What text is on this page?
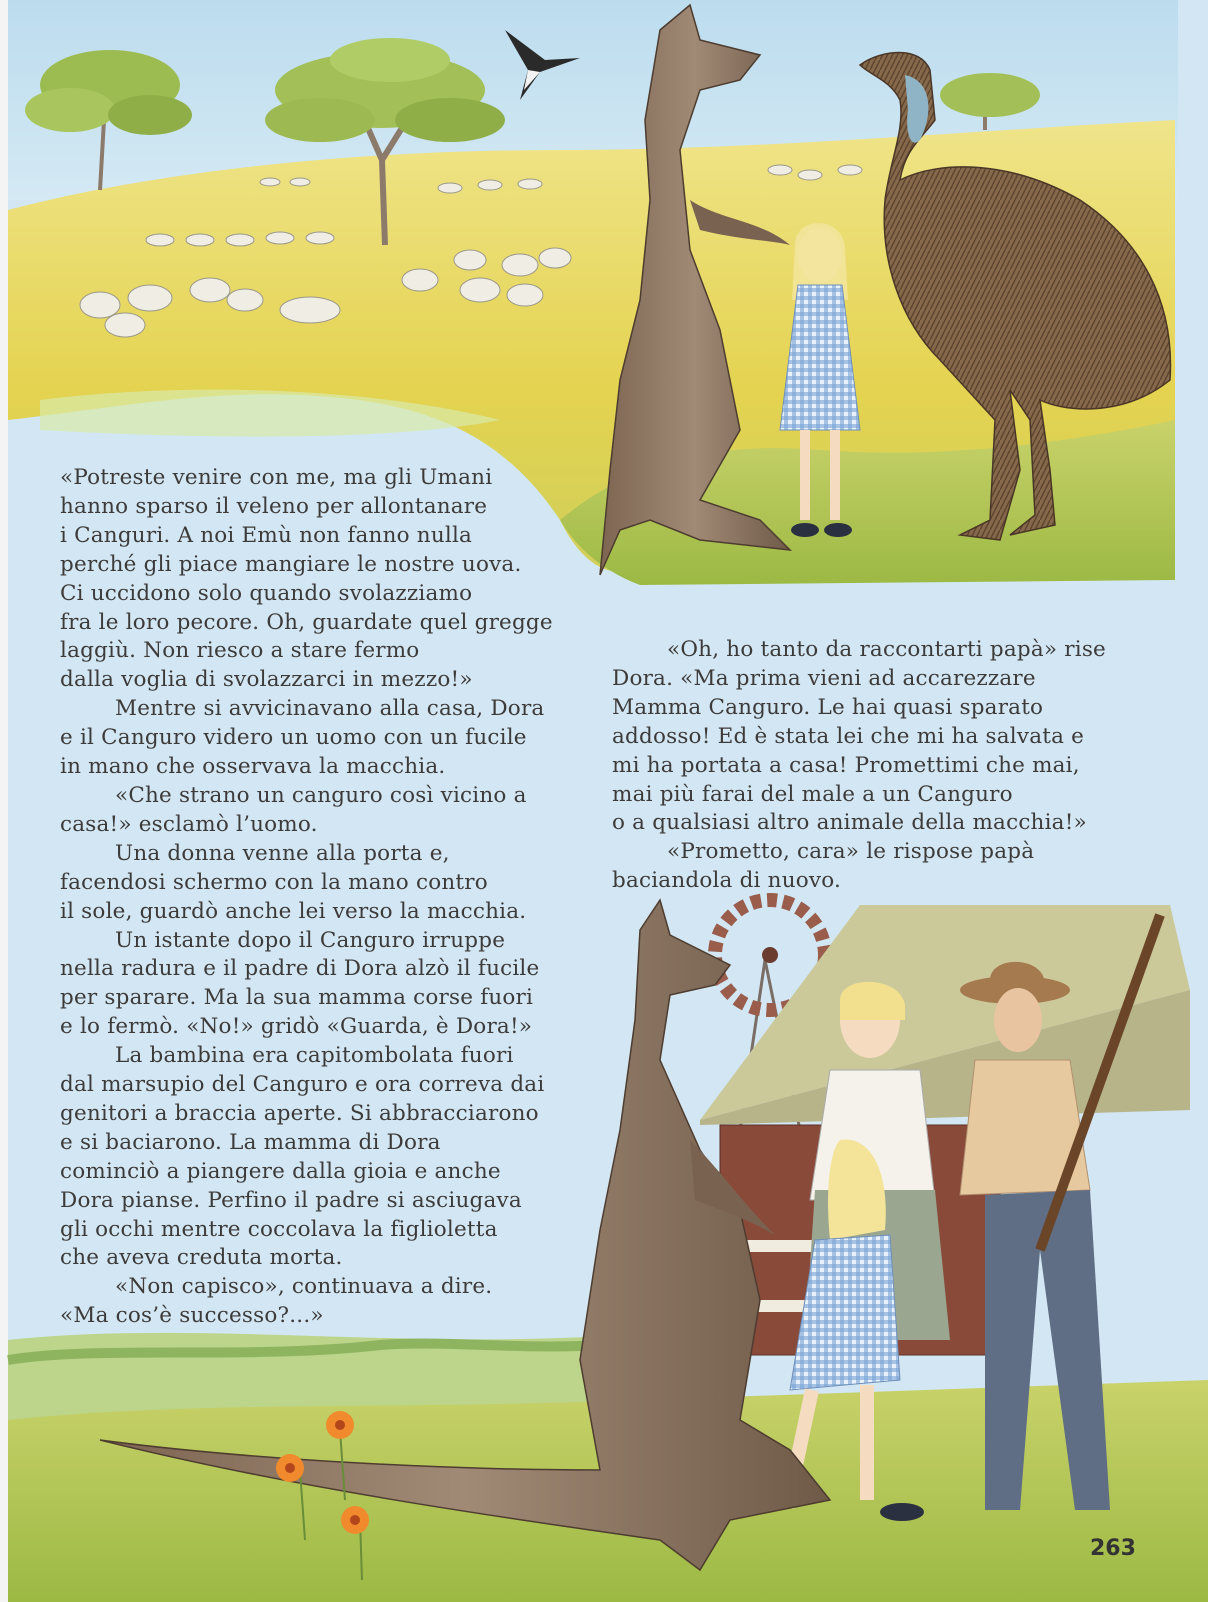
«Potreste venire con me, ma gli Umani
hanno sparso il veleno per allontanare
i Canguri. A noi Emù non fanno nulla
perché gli piace mangiare le nostre uova.
Ci uccidono solo quando svolazziamo
fra le loro pecore. Oh, guardate quel gregge
laggiù. Non riesco a stare fermo
dalla voglia di svolazzarci in mezzo!»
Mentre si avvicinavano alla casa, Dora
e il Canguro videro un uomo con un fucile
in mano che osservava la macchia.
«Che strano un canguro così vicino a
casa!» esclamò l’uomo.
Una donna venne alla porta e,
facendosi schermo con la mano contro
il sole, guardò anche lei verso la macchia.
Un istante dopo il Canguro irruppe
nella radura e il padre di Dora alzò il fucile
per sparare. Ma la sua mamma corse fuori
e lo fermò. «No!» gridò «Guarda, è Dora!»
La bambina era capitombolata fuori
dal marsupio del Canguro e ora correva dai
genitori a braccia aperte. Si abbracciarono
e si baciarono. La mamma di Dora
cominciò a piangere dalla gioia e anche
Dora pianse. Perfino il padre si asciugava
gli occhi mentre coccolava la figlioletta
che aveva creduta morta.
«Non capisco», continuava a dire.
«Ma cos’è successo?...»
«Oh, ho tanto da raccontarti papà» rise
Dora. «Ma prima vieni ad accarezzare
Mamma Canguro. Le hai quasi sparato
addosso! Ed è stata lei che mi ha salvata e
mi ha portata a casa! Promettimi che mai,
mai più farai del male a un Canguro
o a qualsiasi altro animale della macchia!»
«Prometto, cara» le rispose papà
baciandola di nuovo.
263
